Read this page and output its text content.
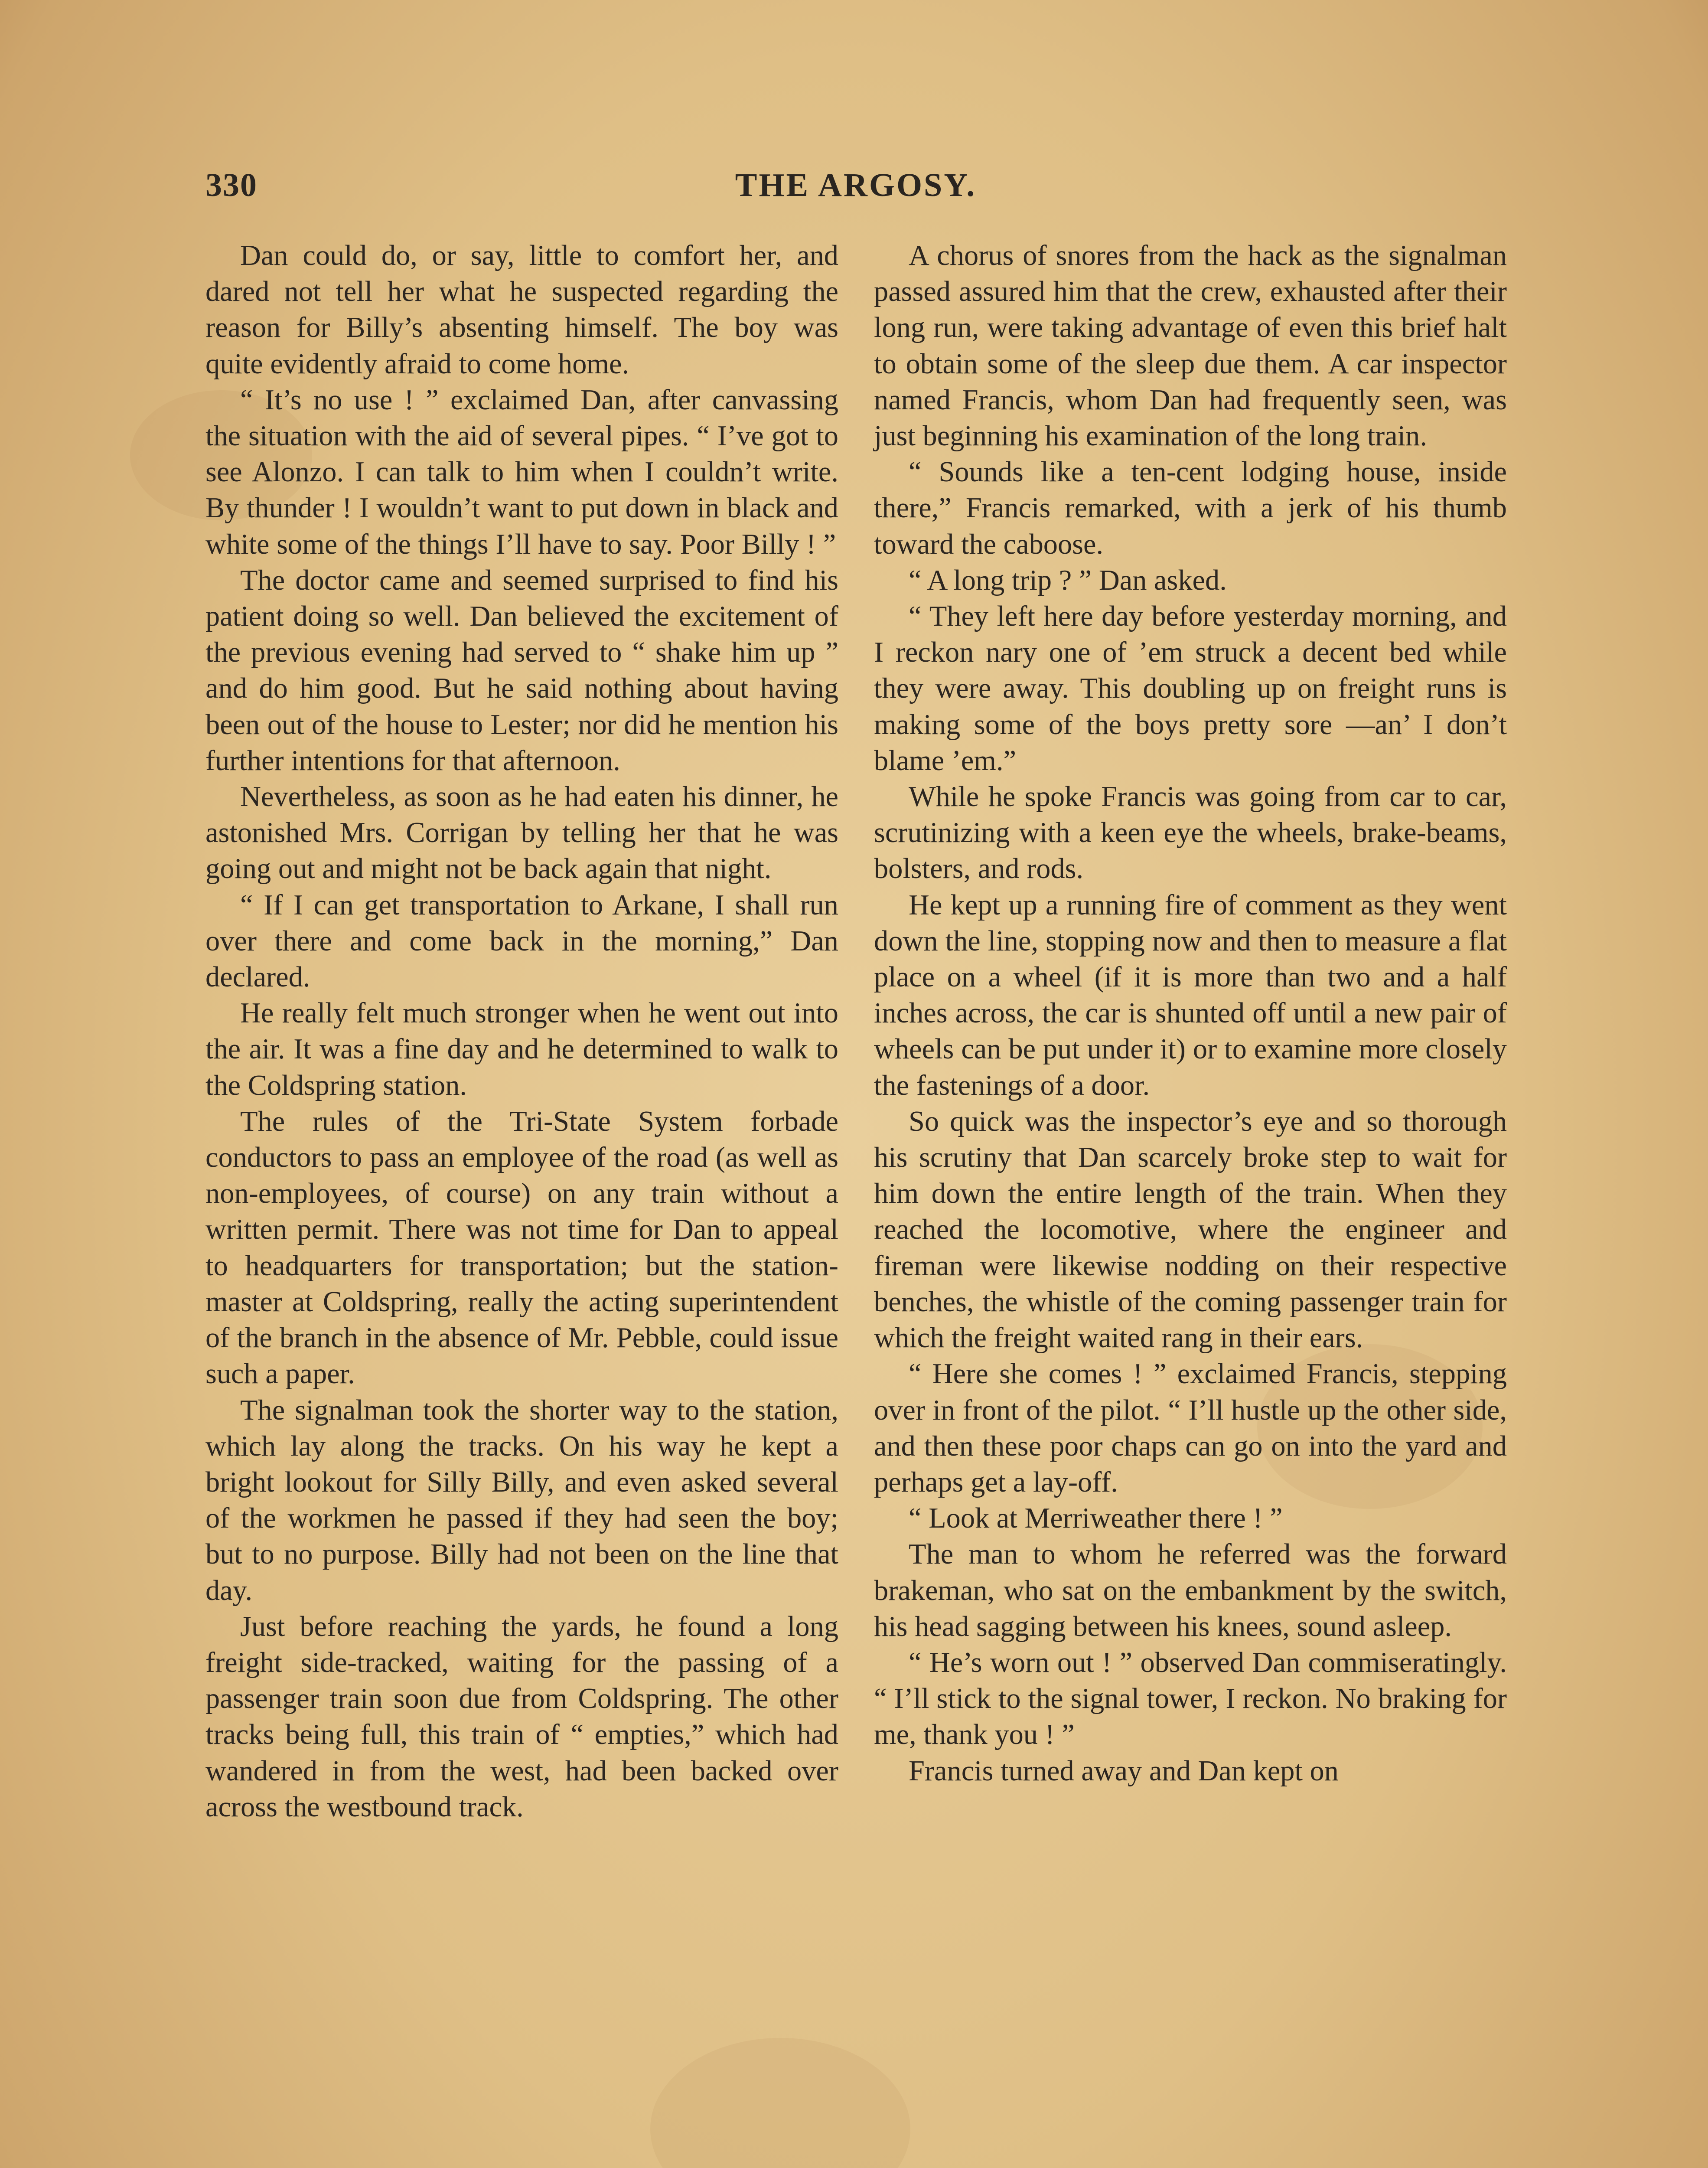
330	THE ARGOSY.

Dan could do, or say, little to comfort her, and dared not tell her what he suspected regarding the reason for Billy’s absenting himself. The boy was quite evidently afraid to come home.

“ It’s no use ! ” exclaimed Dan, after canvassing the situation with the aid of several pipes. “ I’ve got to see Alonzo. I can talk to him when I couldn’t write. By thunder ! I wouldn’t want to put down in black and white some of the things I’ll have to say. Poor Billy ! ”

The doctor came and seemed surprised to find his patient doing so well. Dan believed the excitement of the previous evening had served to “ shake him up ” and do him good. But he said nothing about having been out of the house to Lester; nor did he mention his further intentions for that afternoon.

Nevertheless, as soon as he had eaten his dinner, he astonished Mrs. Corrigan by telling her that he was going out and might not be back again that night.

“ If I can get transportation to Arkane, I shall run over there and come back in the morning,” Dan declared.

He really felt much stronger when he went out into the air. It was a fine day and he determined to walk to the Coldspring station.

The rules of the Tri-State System forbade conductors to pass an employee of the road (as well as non-employees, of course) on any train without a written permit. There was not time for Dan to appeal to headquarters for transportation; but the station-master at Coldspring, really the acting superintendent of the branch in the absence of Mr. Pebble, could issue such a paper.

The signalman took the shorter way to the station, which lay along the tracks. On his way he kept a bright lookout for Silly Billy, and even asked several of the workmen he passed if they had seen the boy; but to no purpose. Billy had not been on the line that day.

Just before reaching the yards, he found a long freight side-tracked, waiting for the passing of a passenger train soon due from Coldspring. The other tracks being full, this train of “ empties,” which had wandered in from the west, had been backed over across the westbound track.

A chorus of snores from the hack as the signalman passed assured him that the crew, exhausted after their long run, were taking advantage of even this brief halt to obtain some of the sleep due them. A car inspector named Francis, whom Dan had frequently seen, was just beginning his examination of the long train.

“ Sounds like a ten-cent lodging house, inside there,” Francis remarked, with a jerk of his thumb toward the caboose.

“ A long trip ? ” Dan asked.

“ They left here day before yesterday morning, and I reckon nary one of ’em struck a decent bed while they were away. This doubling up on freight runs is making some of the boys pretty sore —an’ I don’t blame ’em.”

While he spoke Francis was going from car to car, scrutinizing with a keen eye the wheels, brake-beams, bolsters, and rods.

He kept up a running fire of comment as they went down the line, stopping now and then to measure a flat place on a wheel (if it is more than two and a half inches across, the car is shunted off until a new pair of wheels can be put under it) or to examine more closely the fastenings of a door.

So quick was the inspector’s eye and so thorough his scrutiny that Dan scarcely broke step to wait for him down the entire length of the train. When they reached the locomotive, where the engineer and fireman were likewise nodding on their respective benches, the whistle of the coming passenger train for which the freight waited rang in their ears.

“ Here she comes ! ” exclaimed Francis, stepping over in front of the pilot. “ I’ll hustle up the other side, and then these poor chaps can go on into the yard and perhaps get a lay-off.

“ Look at Merriweather there ! ”

The man to whom he referred was the forward brakeman, who sat on the embankment by the switch, his head sagging between his knees, sound asleep.

“ He’s worn out ! ” observed Dan commiseratingly. “ I’ll stick to the signal tower, I reckon. No braking for me, thank you ! ”

Francis turned away and Dan kept on
